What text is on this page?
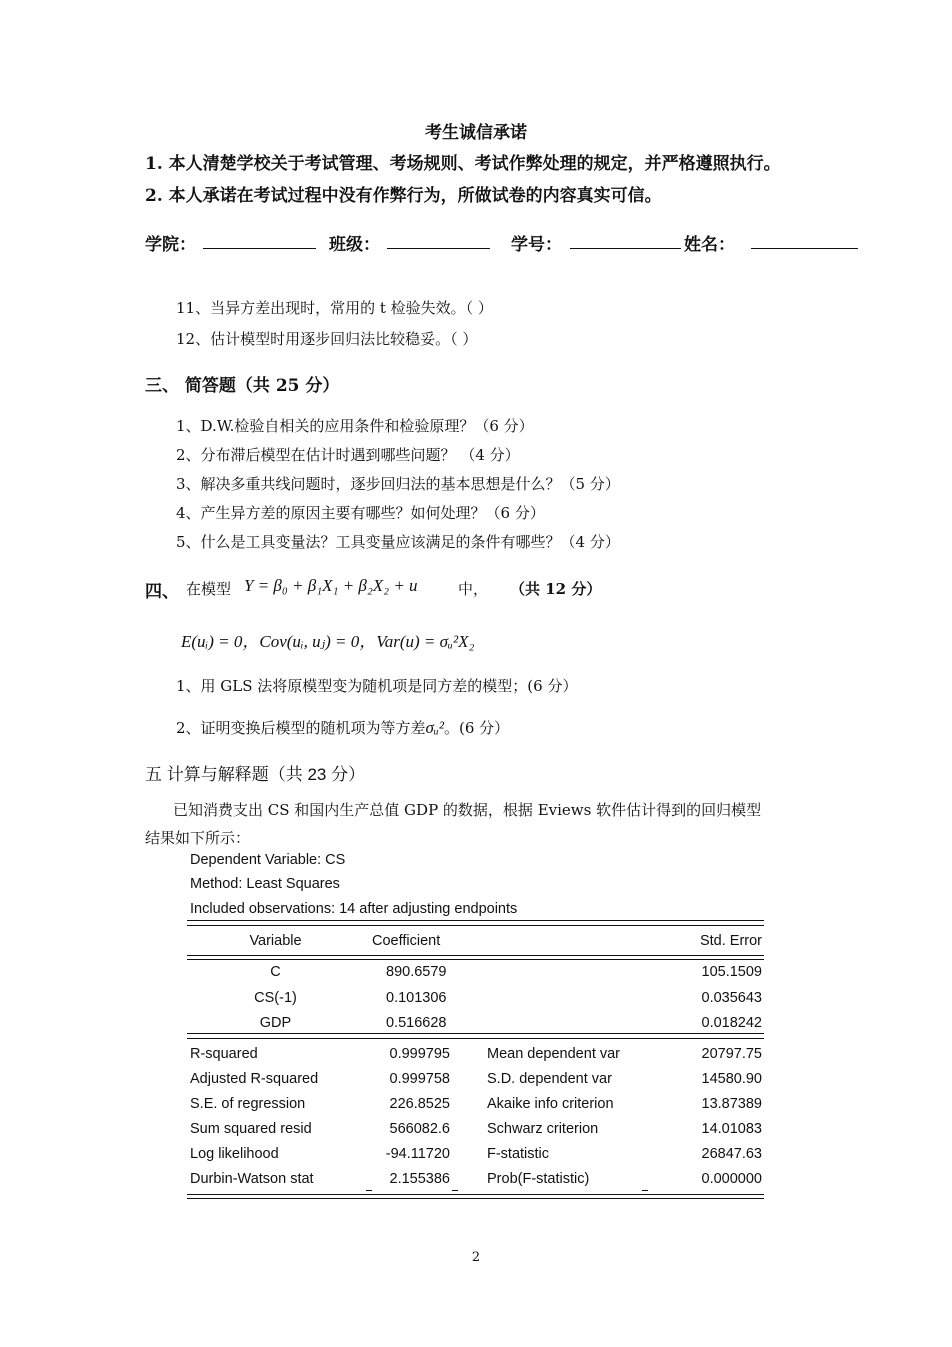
考生诚信承诺
1. 本人清楚学校关于考试管理、考场规则、考试作弊处理的规定，并严格遵照执行。
2. 本人承诺在考试过程中没有作弊行为，所做试卷的内容真实可信。
学院：	班级：	学号：	姓名：
11、当异方差出现时，常用的 t 检验失效。（ ）
12、估计模型时用逐步回归法比较稳妥。（ ）
三、 简答题（共 25 分）
1、D.W.检验自相关的应用条件和检验原理？（6 分）
2、分布滞后模型在估计时遇到哪些问题？ （4 分）
3、解决多重共线问题时，逐步回归法的基本思想是什么？（5 分）
4、产生异方差的原因主要有哪些？如何处理？（6 分）
5、什么是工具变量法？工具变量应该满足的条件有哪些？（4 分）
四、 在模型 Y = β₀ + β₁X₁ + β₂X₂ + u	中， （共 12 分）
E(uᵢ) = 0，Cov(uᵢ, uⱼ) = 0，Var(u) = σᵤ²X₂
1、用 GLS 法将原模型变为随机项是同方差的模型；(6 分）
2、证明变换后模型的随机项为等方差σᵤ²。(6 分）
五 计算与解释题（共 23 分）
已知消费支出 CS 和国内生产总值 GDP 的数据，根据 Eviews 软件估计得到的回归模型
结果如下所示：
Dependent Variable: CS
Method: Least Squares
Included observations: 14 after adjusting endpoints
Variable	Coefficient	Std. Error
C	890.6579	105.1509
CS(-1)	0.101306	0.035643
GDP	0.516628	0.018242
R-squared	0.999795	Mean dependent var	20797.75
Adjusted R-squared	0.999758	S.D. dependent var	14580.90
S.E. of regression	226.8525	Akaike info criterion	13.87389
Sum squared resid	566082.6	Schwarz criterion	14.01083
Log likelihood	-94.11720	F-statistic	26847.63
Durbin-Watson stat	2.155386	Prob(F-statistic)	0.000000
2
